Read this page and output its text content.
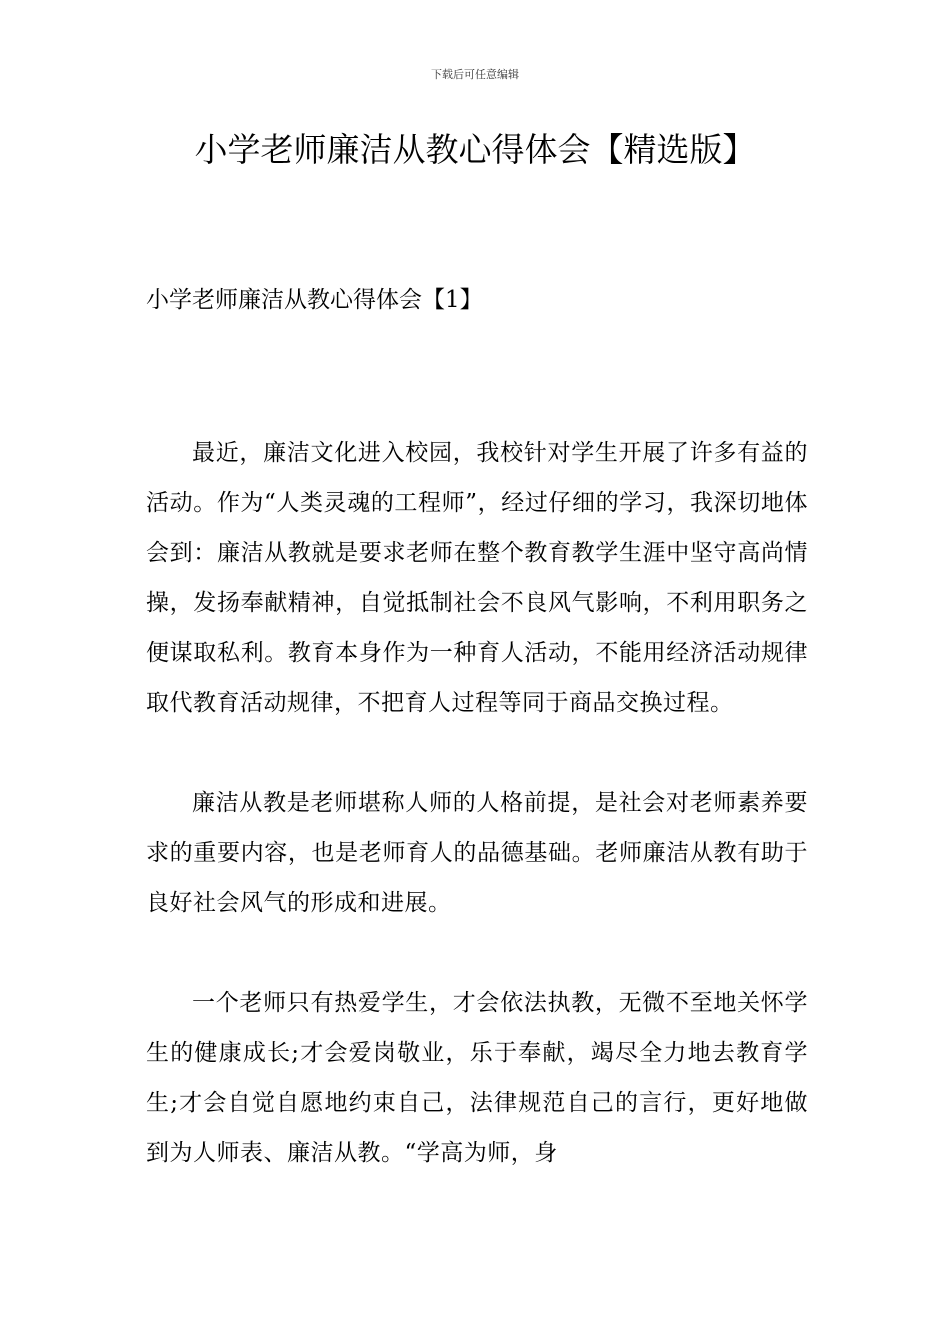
下载后可任意编辑
小学老师廉洁从教心得体会【精选版】
小学老师廉洁从教心得体会【1】

最近，廉洁文化进入校园，我校针对学生开展了许多有益的活动。作为“人类灵魂的工程师”，经过仔细的学习，我深切地体会到：廉洁从教就是要求老师在整个教育教学生涯中坚守高尚情操，发扬奉献精神，自觉抵制社会不良风气影响，不利用职务之便谋取私利。教育本身作为一种育人活动，不能用经济活动规律取代教育活动规律，不把育人过程等同于商品交换过程。

廉洁从教是老师堪称人师的人格前提，是社会对老师素养要求的重要内容，也是老师育人的品德基础。老师廉洁从教有助于良好社会风气的形成和进展。

一个老师只有热爱学生，才会依法执教，无微不至地关怀学生的健康成长;才会爱岗敬业，乐于奉献，竭尽全力地去教育学生;才会自觉自愿地约束自己，法律规范自己的言行，更好地做到为人师表、廉洁从教。“学高为师，身
